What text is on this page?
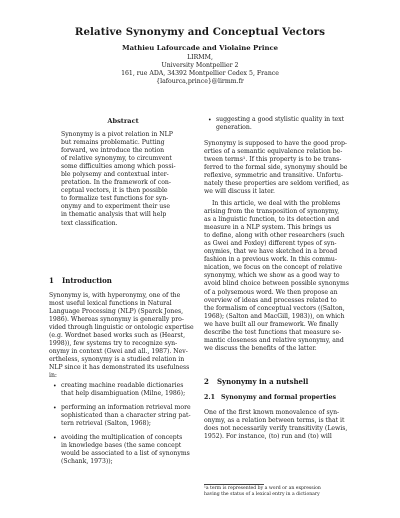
Relative Synonymy and Conceptual Vectors
Mathieu Lafourcade and Violaine Prince
LIRMM,
University Montpellier 2
161, rue ADA, 34392 Montpellier Cedex 5, France
{lafourca,prince}@lirmm.fr
Abstract
Synonymy is a pivot relation in NLP
but remains problematic. Putting
forward, we introduce the notion
of relative synonymy, to circumvent
some difficulties among which possi-
ble polysemy and contextual inter-
pretation. In the framework of con-
ceptual vectors, it is then possible
to formalize test functions for syn-
onymy and to experiment their use
in thematic analysis that will help
text classification.
1 Introduction
Synonymy is, with hyperonymy, one of the
most useful lexical functions in Natural
Language Processing (NLP) (Sparck Jones,
1986). Whereas synonymy is generally pro-
vided through linguistic or ontologic expertise
(e.g. Wordnet based works such as (Hearst,
1998)), few systems try to recognize syn-
onymy in context (Gwei and all., 1987). Nev-
ertheless, synonymy is a studied relation in
NLP since it has demonstrated its usefulness
in:
• creating machine readable dictionaries
that help disambiguation (Milne, 1986);
• performing an information retrieval more
sophisticated than a character string pat-
tern retrieval (Salton, 1968);
• avoiding the multiplication of concepts
in knowledge bases (the same concept
would be associated to a list of synonyms
(Schank, 1973));
• suggesting a good stylistic quality in text
generation.
Synonymy is supposed to have the good prop-
erties of a semantic equivalence relation be-
tween terms¹. If this property is to be trans-
ferred to the formal side, synonymy should be
reflexive, symmetric and transitive. Unfortu-
nately these properties are seldom verified, as
we will discuss it later.
In this article, we deal with the problems
arising from the transposition of synonymy,
as a linguistic function, to its detection and
measure in a NLP system. This brings us
to define, along with other researchers (such
as Gwei and Foxley) different types of syn-
onymies, that we have sketched in a broad
fashion in a previous work. In this commu-
nication, we focus on the concept of relative
synonymy, which we show as a good way to
avoid blind choice between possible synonyms
of a polysemous word. We then propose an
overview of ideas and processes related to
the formalism of conceptual vectors ((Salton,
1968); (Salton and MacGill, 1983)), on which
we have built all our framework. We finally
describe the test functions that measure se-
mantic closeness and relative synonymy, and
we discuss the benefits of the latter.
2 Synonymy in a nutshell
2.1 Synonymy and formal properties
One of the first known monovalence of syn-
onymy, as a relation between terms, is that it
does not necessarily verify transitivity (Lewis,
1952). For instance, (to) run and (to) will
¹a term is represented by a word or an expression
having the status of a lexical entry in a dictionary
